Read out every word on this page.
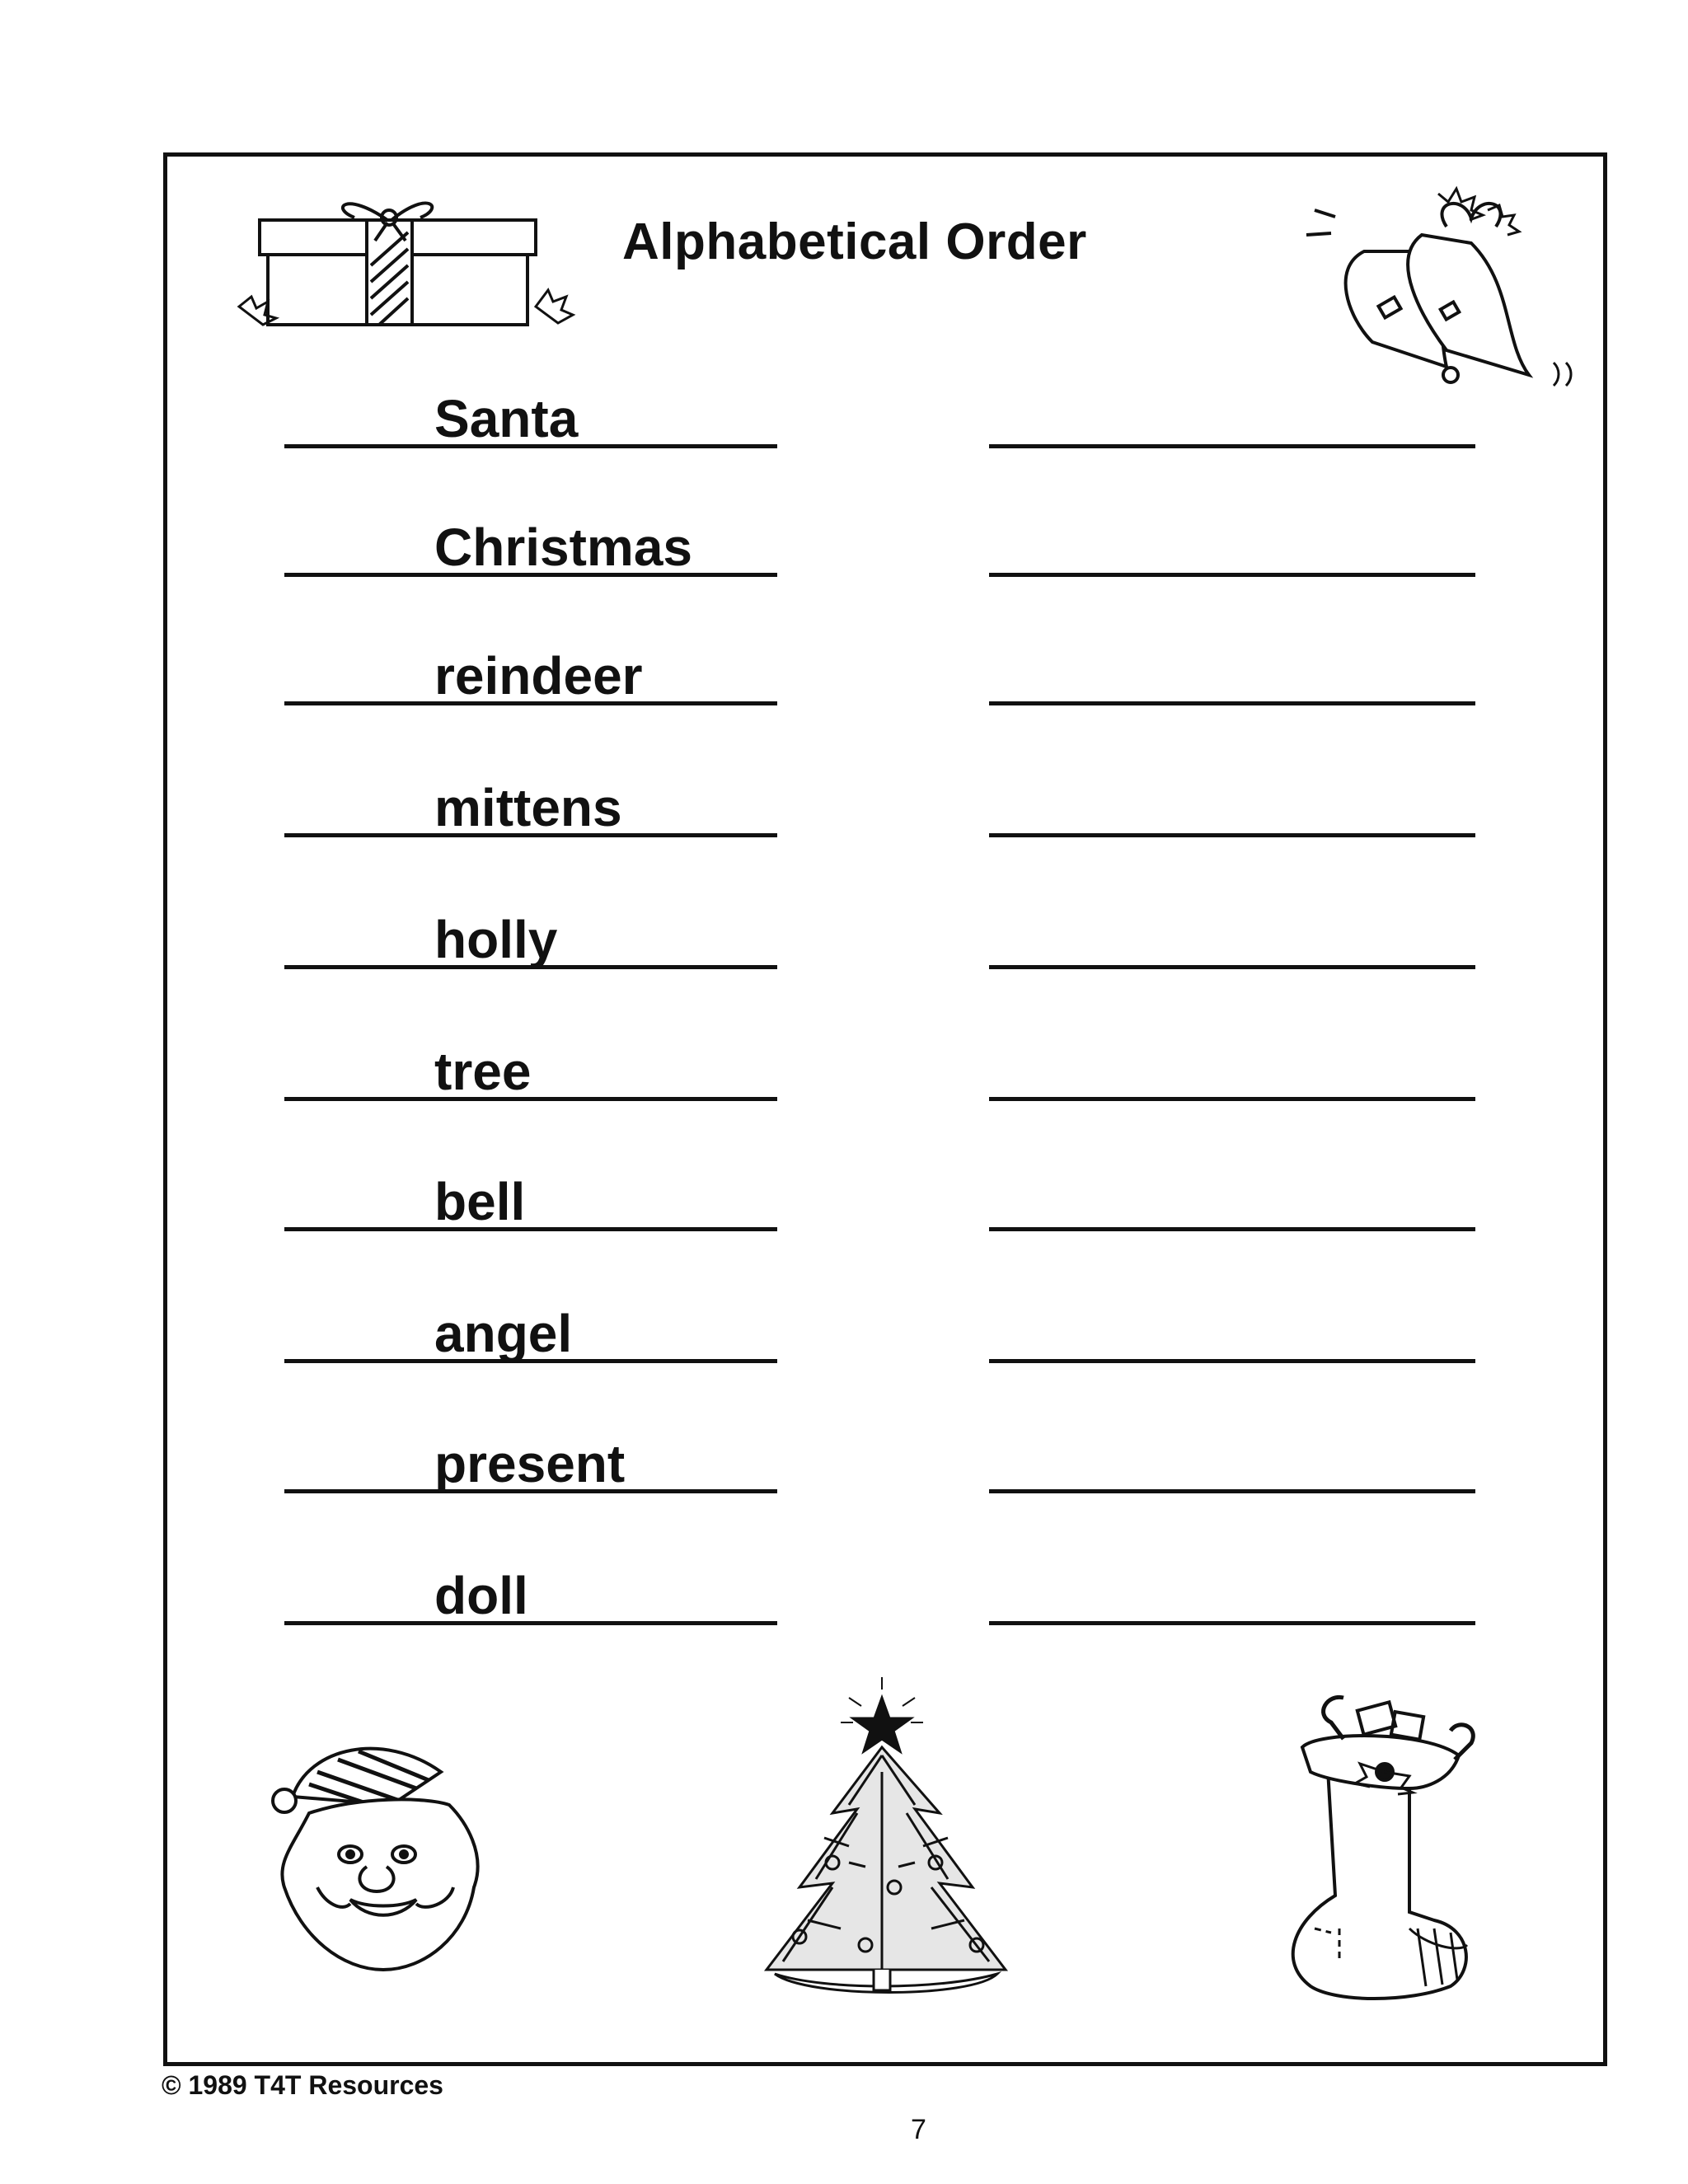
Alphabetical Order
Santa
Christmas
reindeer
mittens
holly
tree
bell
angel
present
doll
© 1989 T4T Resources
7
